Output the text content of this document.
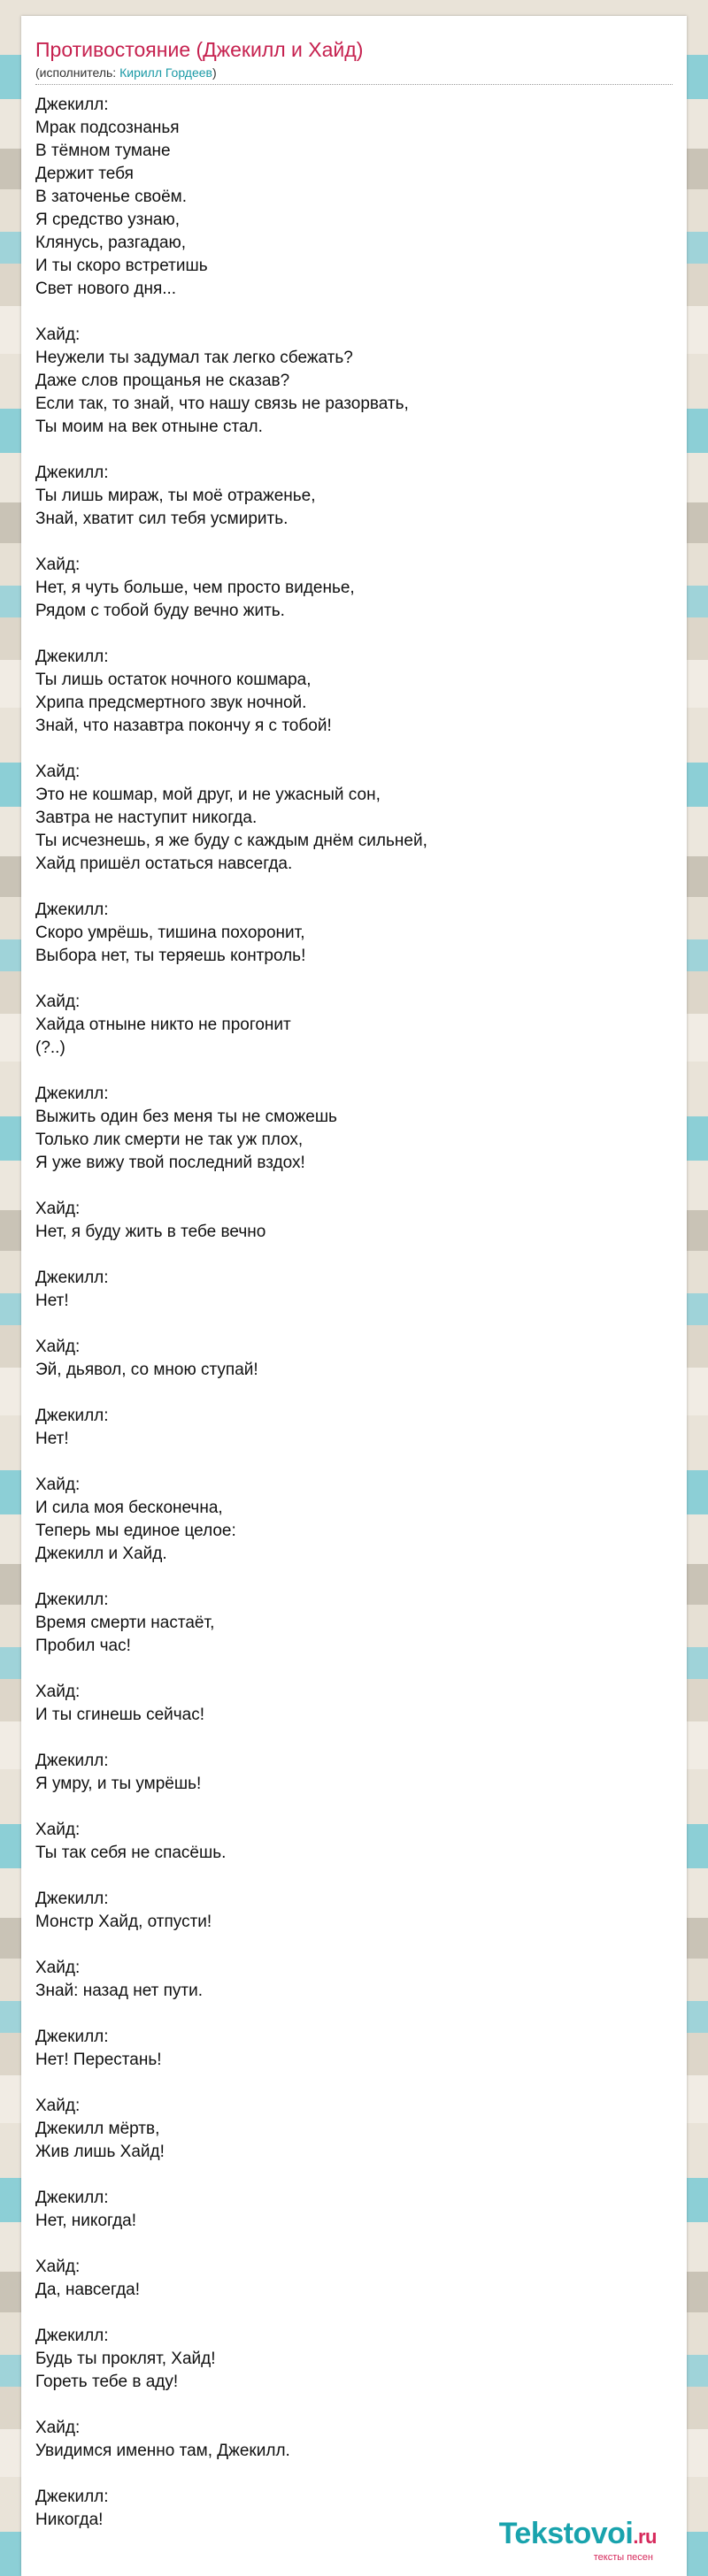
Противостояние (Джекилл и Хайд)
(исполнитель: Кирилл Гордеев)
Джекилл:
Мрак подсознанья
В тёмном тумане
Держит тебя
В заточенье своём.
Я средство узнаю,
Клянусь, разгадаю,
И ты скоро встретишь
Свет нового дня...
Хайд:
Неужели ты задумал так легко сбежать?
Даже слов прощанья не сказав?
Если так, то знай, что нашу связь не разорвать,
Ты моим на век отныне стал.
Джекилл:
Ты лишь мираж, ты моё отраженье,
Знай, хватит сил тебя усмирить.
Хайд:
Нет, я чуть больше, чем просто виденье,
Рядом с тобой буду вечно жить.
Джекилл:
Ты лишь остаток ночного кошмара,
Хрипа предсмертного звук ночной.
Знай, что назавтра покончу я с тобой!
Хайд:
Это не кошмар, мой друг, и не ужасный сон,
Завтра не наступит никогда.
Ты исчезнешь, я же буду с каждым днём сильней,
Хайд пришёл остаться навсегда.
Джекилл:
Скоро умрёшь, тишина похоронит,
Выбора нет, ты теряешь контроль!
Хайд:
Хайда отныне никто не прогонит
(?..)
Джекилл:
Выжить один без меня ты не сможешь
Только лик смерти не так уж плох,
Я уже вижу твой последний вздох!
Хайд:
Нет, я буду жить в тебе вечно
Джекилл:
Нет!
Хайд:
Эй, дьявол, со мною ступай!
Джекилл:
Нет!
Хайд:
И сила моя бесконечна,
Теперь мы единое целое:
Джекилл и Хайд.
Джекилл:
Время смерти настаёт,
Пробил час!
Хайд:
И ты сгинешь сейчас!
Джекилл:
Я умру, и ты умрёшь!
Хайд:
Ты так себя не спасёшь.
Джекилл:
Монстр Хайд, отпусти!
Хайд:
Знай: назад нет пути.
Джекилл:
Нет! Перестань!
Хайд:
Джекилл мёртв,
Жив лишь Хайд!
Джекилл:
Нет, никогда!
Хайд:
Да, навсегда!
Джекилл:
Будь ты проклят, Хайд!
Гореть тебе в аду!
Хайд:
Увидимся именно там, Джекилл.
Джекилл:
Никогда!	Tekstovoi.ru
тексты песен
